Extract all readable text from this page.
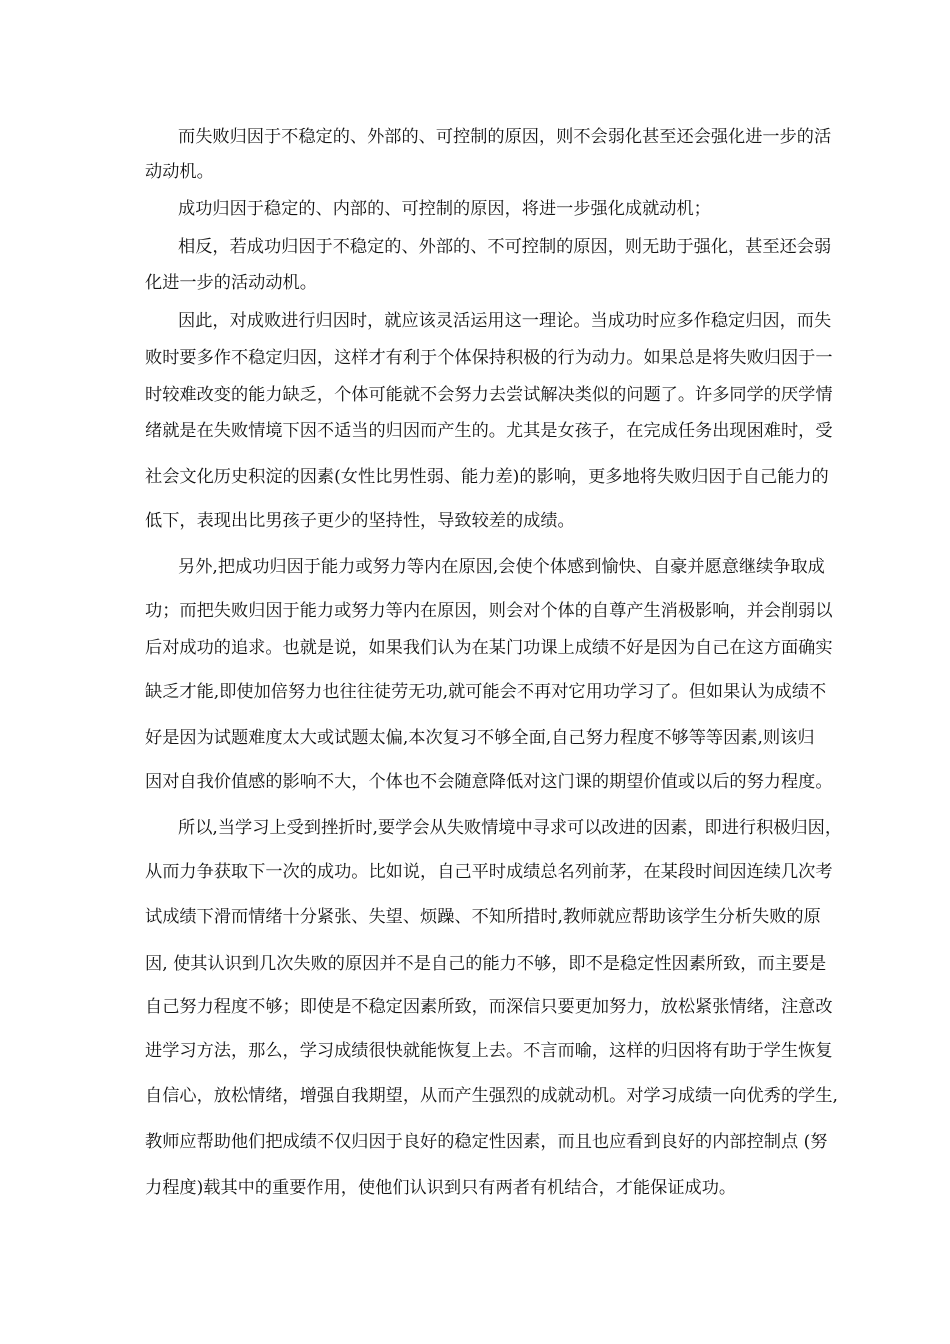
而失败归因于不稳定的、外部的、可控制的原因，则不会弱化甚至还会强化进一步的活
动动机。
成功归因于稳定的、内部的、可控制的原因，将进一步强化成就动机；
相反，若成功归因于不稳定的、外部的、不可控制的原因，则无助于强化，甚至还会弱
化进一步的活动动机。
因此，对成败进行归因时，就应该灵活运用这一理论。当成功时应多作稳定归因，而失
败时要多作不稳定归因，这样才有利于个体保持积极的行为动力。如果总是将失败归因于一
时较难改变的能力缺乏，个体可能就不会努力去尝试解决类似的问题了。许多同学的厌学情
绪就是在失败情境下因不适当的归因而产生的。尤其是女孩子，在完成任务出现困难时，受
社会文化历史积淀的因素(女性比男性弱、能力差)的影响，更多地将失败归因于自己能力的
低下，表现出比男孩子更少的坚持性，导致较差的成绩。
另外,把成功归因于能力或努力等内在原因,会使个体感到愉快、自豪并愿意继续争取成
功；而把失败归因于能力或努力等内在原因，则会对个体的自尊产生消极影响，并会削弱以
后对成功的追求。也就是说，如果我们认为在某门功课上成绩不好是因为自己在这方面确实
缺乏才能,即使加倍努力也往往徒劳无功,就可能会不再对它用功学习了。但如果认为成绩不
好是因为试题难度太大或试题太偏,本次复习不够全面,自己努力程度不够等等因素,则该归
因对自我价值感的影响不大，个体也不会随意降低对这门课的期望价值或以后的努力程度。
所以,当学习上受到挫折时,要学会从失败情境中寻求可以改进的因素，即进行积极归因，
从而力争获取下一次的成功。比如说，自己平时成绩总名列前茅，在某段时间因连续几次考
试成绩下滑而情绪十分紧张、失望、烦躁、不知所措时,教师就应帮助该学生分析失败的原
因, 使其认识到几次失败的原因并不是自己的能力不够，即不是稳定性因素所致，而主要是
自己努力程度不够；即使是不稳定因素所致，而深信只要更加努力，放松紧张情绪，注意改
进学习方法，那么，学习成绩很快就能恢复上去。不言而喻，这样的归因将有助于学生恢复
自信心，放松情绪，增强自我期望，从而产生强烈的成就动机。对学习成绩一向优秀的学生,
教师应帮助他们把成绩不仅归因于良好的稳定性因素，而且也应看到良好的内部控制点 (努
力程度)载其中的重要作用，使他们认识到只有两者有机结合，才能保证成功。
